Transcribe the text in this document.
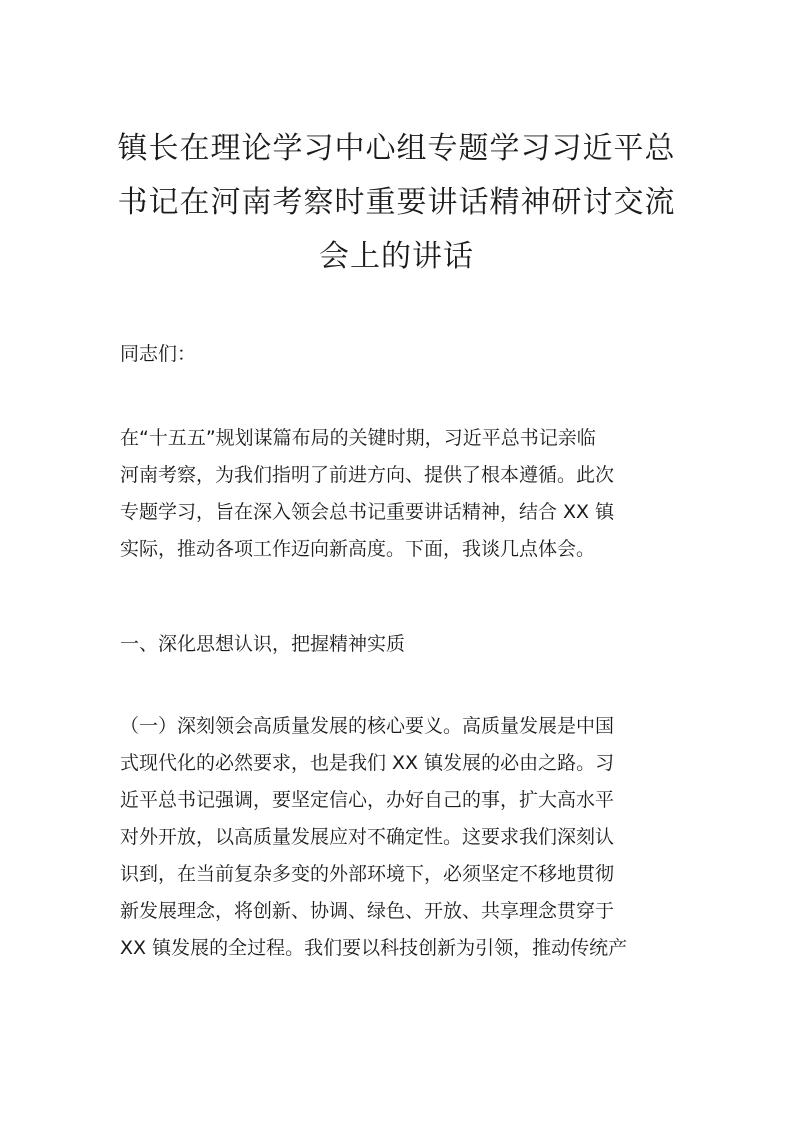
镇长在理论学习中心组专题学习习近平总
书记在河南考察时重要讲话精神研讨交流
会上的讲话

同志们：

在“十五五”规划谋篇布局的关键时期，习近平总书记亲临
河南考察，为我们指明了前进方向、提供了根本遵循。此次
专题学习，旨在深入领会总书记重要讲话精神，结合 XX 镇
实际，推动各项工作迈向新高度。下面，我谈几点体会。

一、深化思想认识，把握精神实质

（一）深刻领会高质量发展的核心要义。高质量发展是中国
式现代化的必然要求，也是我们 XX 镇发展的必由之路。习
近平总书记强调，要坚定信心，办好自己的事，扩大高水平
对外开放，以高质量发展应对不确定性。这要求我们深刻认
识到，在当前复杂多变的外部环境下，必须坚定不移地贯彻
新发展理念，将创新、协调、绿色、开放、共享理念贯穿于
XX 镇发展的全过程。我们要以科技创新为引领，推动传统产
